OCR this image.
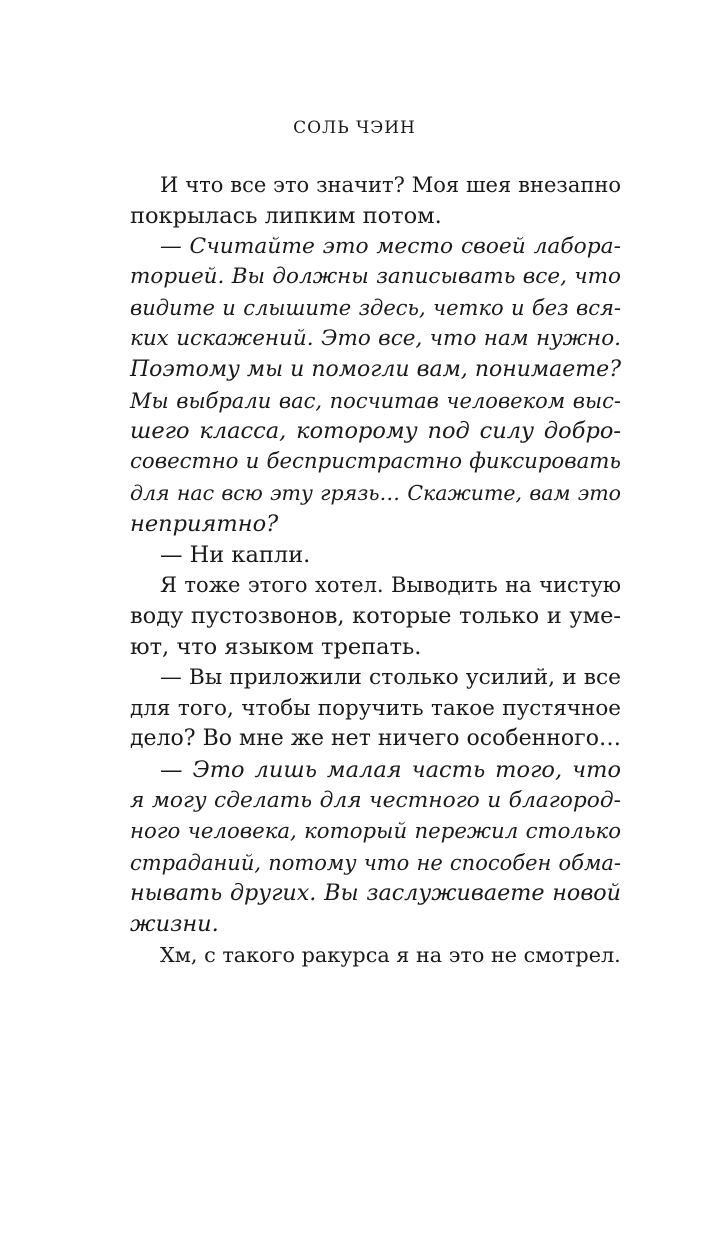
СОЛЬ ЧЭИН
И что все это значит? Моя шея внезапно
покрылась липким потом.
— Считайте это место своей лабора-
торией. Вы должны записывать все, что
видите и слышите здесь, четко и без вся-
ких искажений. Это все, что нам нужно.
Поэтому мы и помогли вам, понимаете?
Мы выбрали вас, посчитав человеком выс-
шего класса, которому под силу добро-
совестно и беспристрастно фиксировать
для нас всю эту грязь… Скажите, вам это
неприятно?
— Ни капли.
Я тоже этого хотел. Выводить на чистую
воду пустозвонов, которые только и уме-
ют, что языком трепать.
— Вы приложили столько усилий, и все
для того, чтобы поручить такое пустячное
дело? Во мне же нет ничего особенного…
— Это лишь малая часть того, что
я могу сделать для честного и благород-
ного человека, который пережил столько
страданий, потому что не способен обма-
нывать других. Вы заслуживаете новой
жизни.
Хм, с такого ракурса я на это не смотрел.
